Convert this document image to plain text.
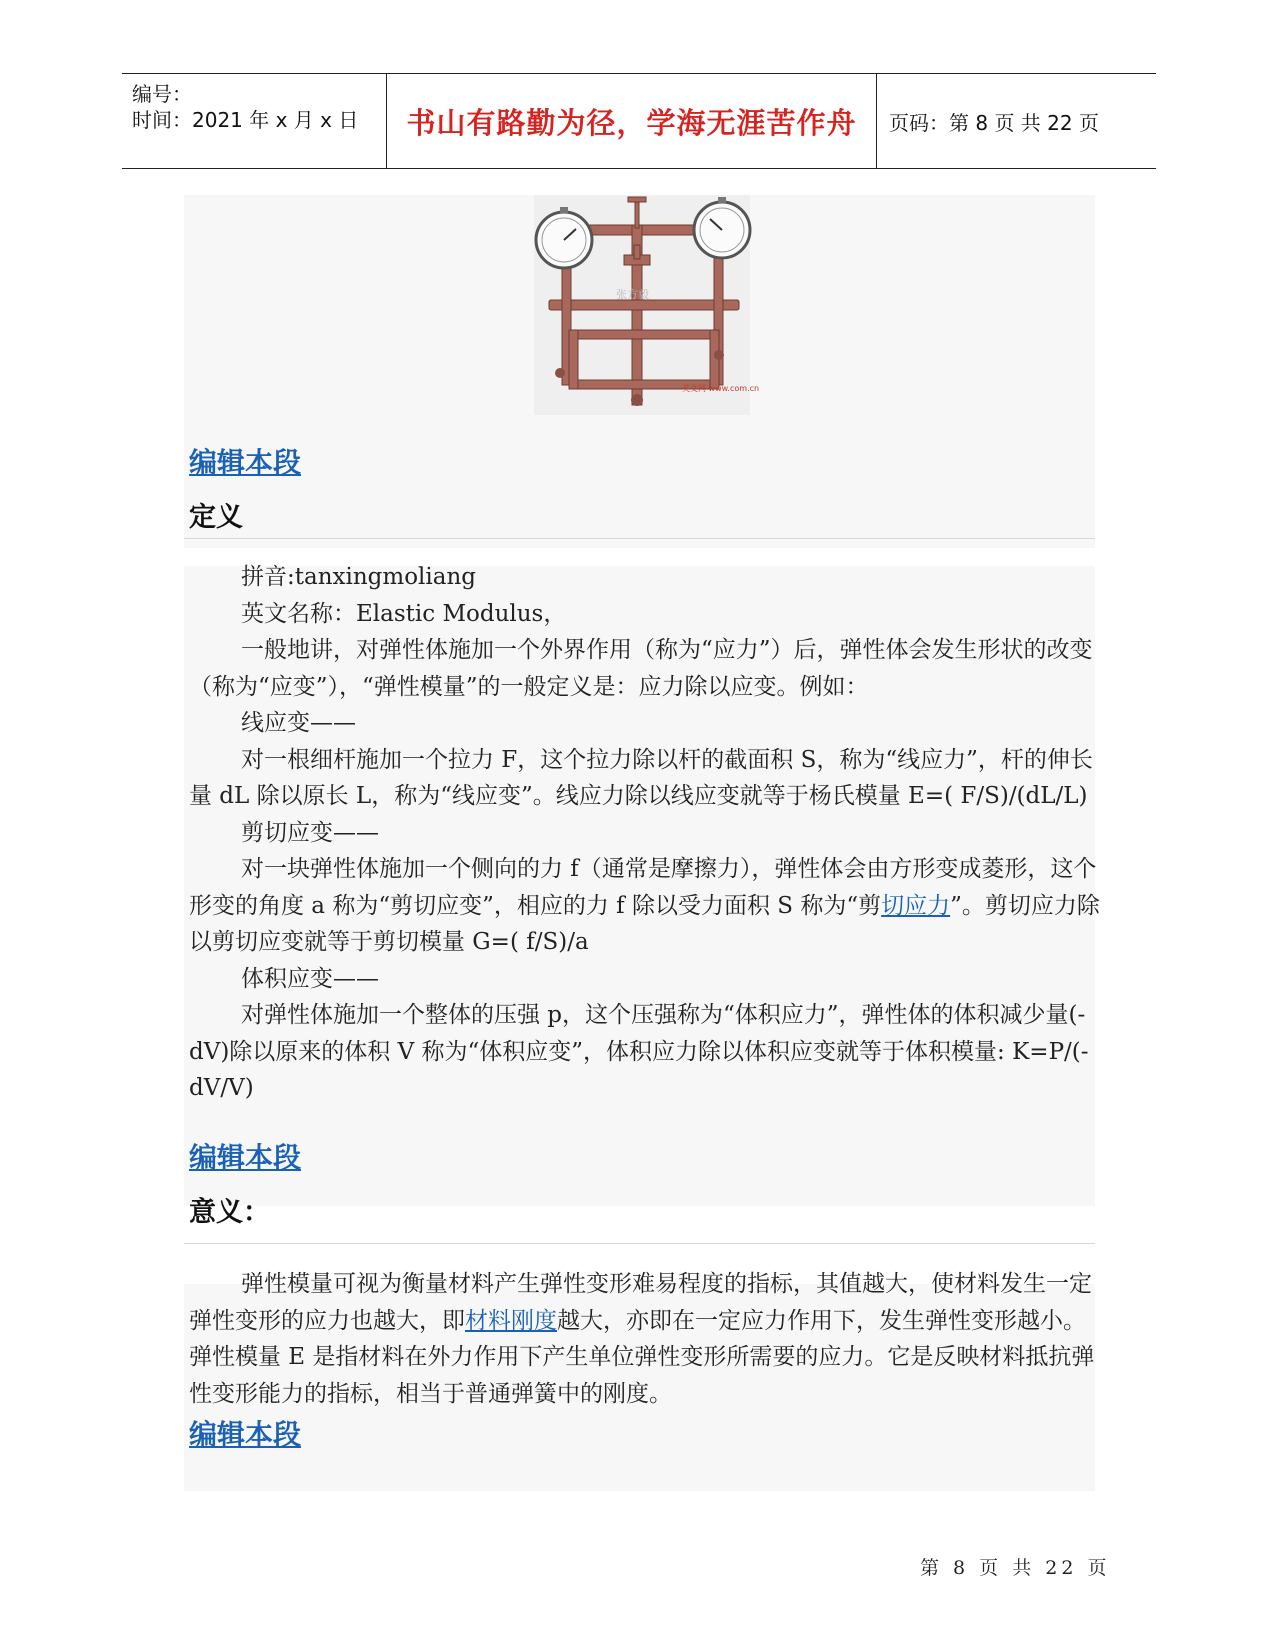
编号：
时间：2021 年 x 月 x 日 书山有路勤为径，学海无涯苦作舟	页码：第 8 页 共 22 页
张方毅
英文网 www.com.cn
编辑本段
定义

拼音:tanxingmoliang

英文名称：Elastic Modulus，

一般地讲，对弹性体施加一个外界作用（称为“应力”）后，弹性体会发生形状的改变（称为“应变”），“弹性模量”的一般定义是：应力除以应变。例如：

线应变——

对一根细杆施加一个拉力 F，这个拉力除以杆的截面积 S，称为“线应力”，杆的伸长量 dL 除以原长 L，称为“线应变”。线应力除以线应变就等于杨氏模量 E=( F/S)/(dL/L)

剪切应变——

对一块弹性体施加一个侧向的力 f（通常是摩擦力），弹性体会由方形变成菱形，这个形变的角度 a 称为“剪切应变”，相应的力 f 除以受力面积 S 称为“剪切应力”。剪切应力除以剪切应变就等于剪切模量 G=( f/S)/a

体积应变——

对弹性体施加一个整体的压强 p，这个压强称为“体积应力”，弹性体的体积减少量(-dV)除以原来的体积 V 称为“体积应变”，体积应力除以体积应变就等于体积模量: K=P/(-dV/V)

编辑本段
意义：

弹性模量可视为衡量材料产生弹性变形难易程度的指标，其值越大，使材料发生一定弹性变形的应力也越大，即材料刚度越大，亦即在一定应力作用下，发生弹性变形越小。弹性模量 E 是指材料在外力作用下产生单位弹性变形所需要的应力。它是反映材料抵抗弹性变形能力的指标，相当于普通弹簧中的刚度。

编辑本段
第 8 页 共 22 页
